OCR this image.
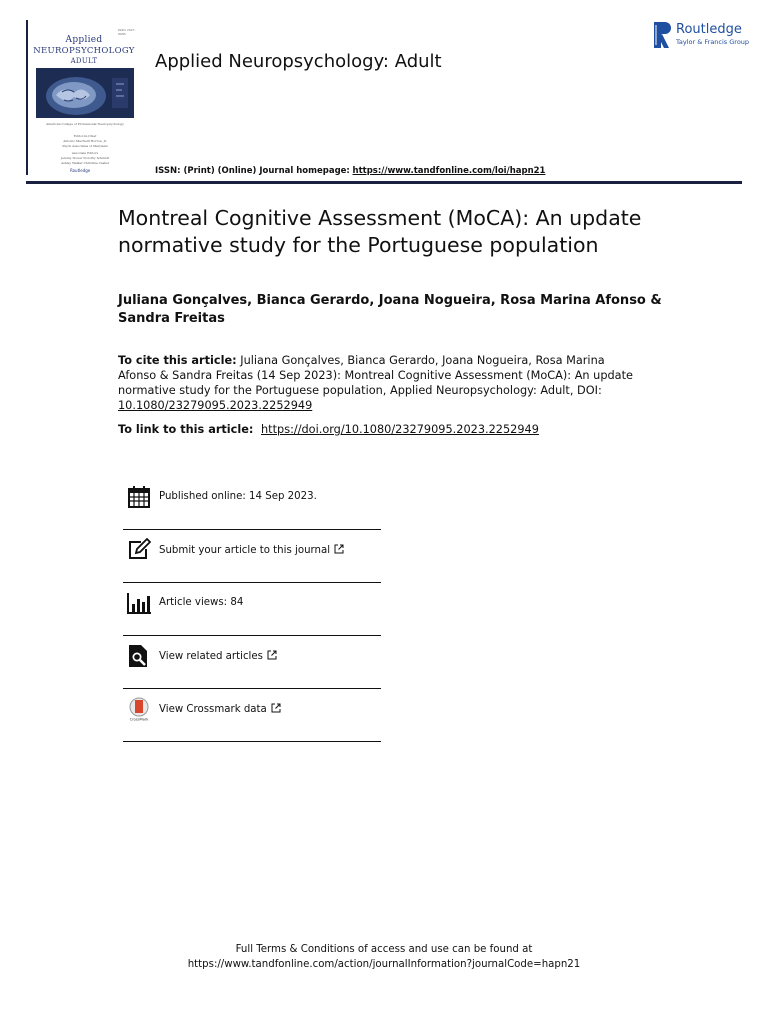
ISSN 2327-9095
Applied
NEUROPSYCHOLOGY
ADULT
American College of Professional Neuropsychology
Editor-in-Chief
Antonio MacNeill Horton, Jr.
Psych Associates of Maryland
Associate Editors
Jeremy Stover Dorothy Schmidt
Ashley Walker Christine Cashel
Routledge
Applied Neuropsychology: Adult
Routledge
Taylor & Francis Group
ISSN: (Print) (Online) Journal homepage: https://www.tandfonline.com/loi/hapn21
Montreal Cognitive Assessment (MoCA): An update normative study for the Portuguese population
Juliana Gonçalves, Bianca Gerardo, Joana Nogueira, Rosa Marina Afonso & Sandra Freitas
To cite this article: Juliana Gonçalves, Bianca Gerardo, Joana Nogueira, Rosa Marina Afonso & Sandra Freitas (14 Sep 2023): Montreal Cognitive Assessment (MoCA): An update normative study for the Portuguese population, Applied Neuropsychology: Adult, DOI:
10.1080/23279095.2023.2252949
To link to this article: https://doi.org/10.1080/23279095.2023.2252949
Published online: 14 Sep 2023.
Submit your article to this journal
Article views: 84
View related articles
CrossMark
View Crossmark data
Full Terms & Conditions of access and use can be found at
https://www.tandfonline.com/action/journalInformation?journalCode=hapn21
